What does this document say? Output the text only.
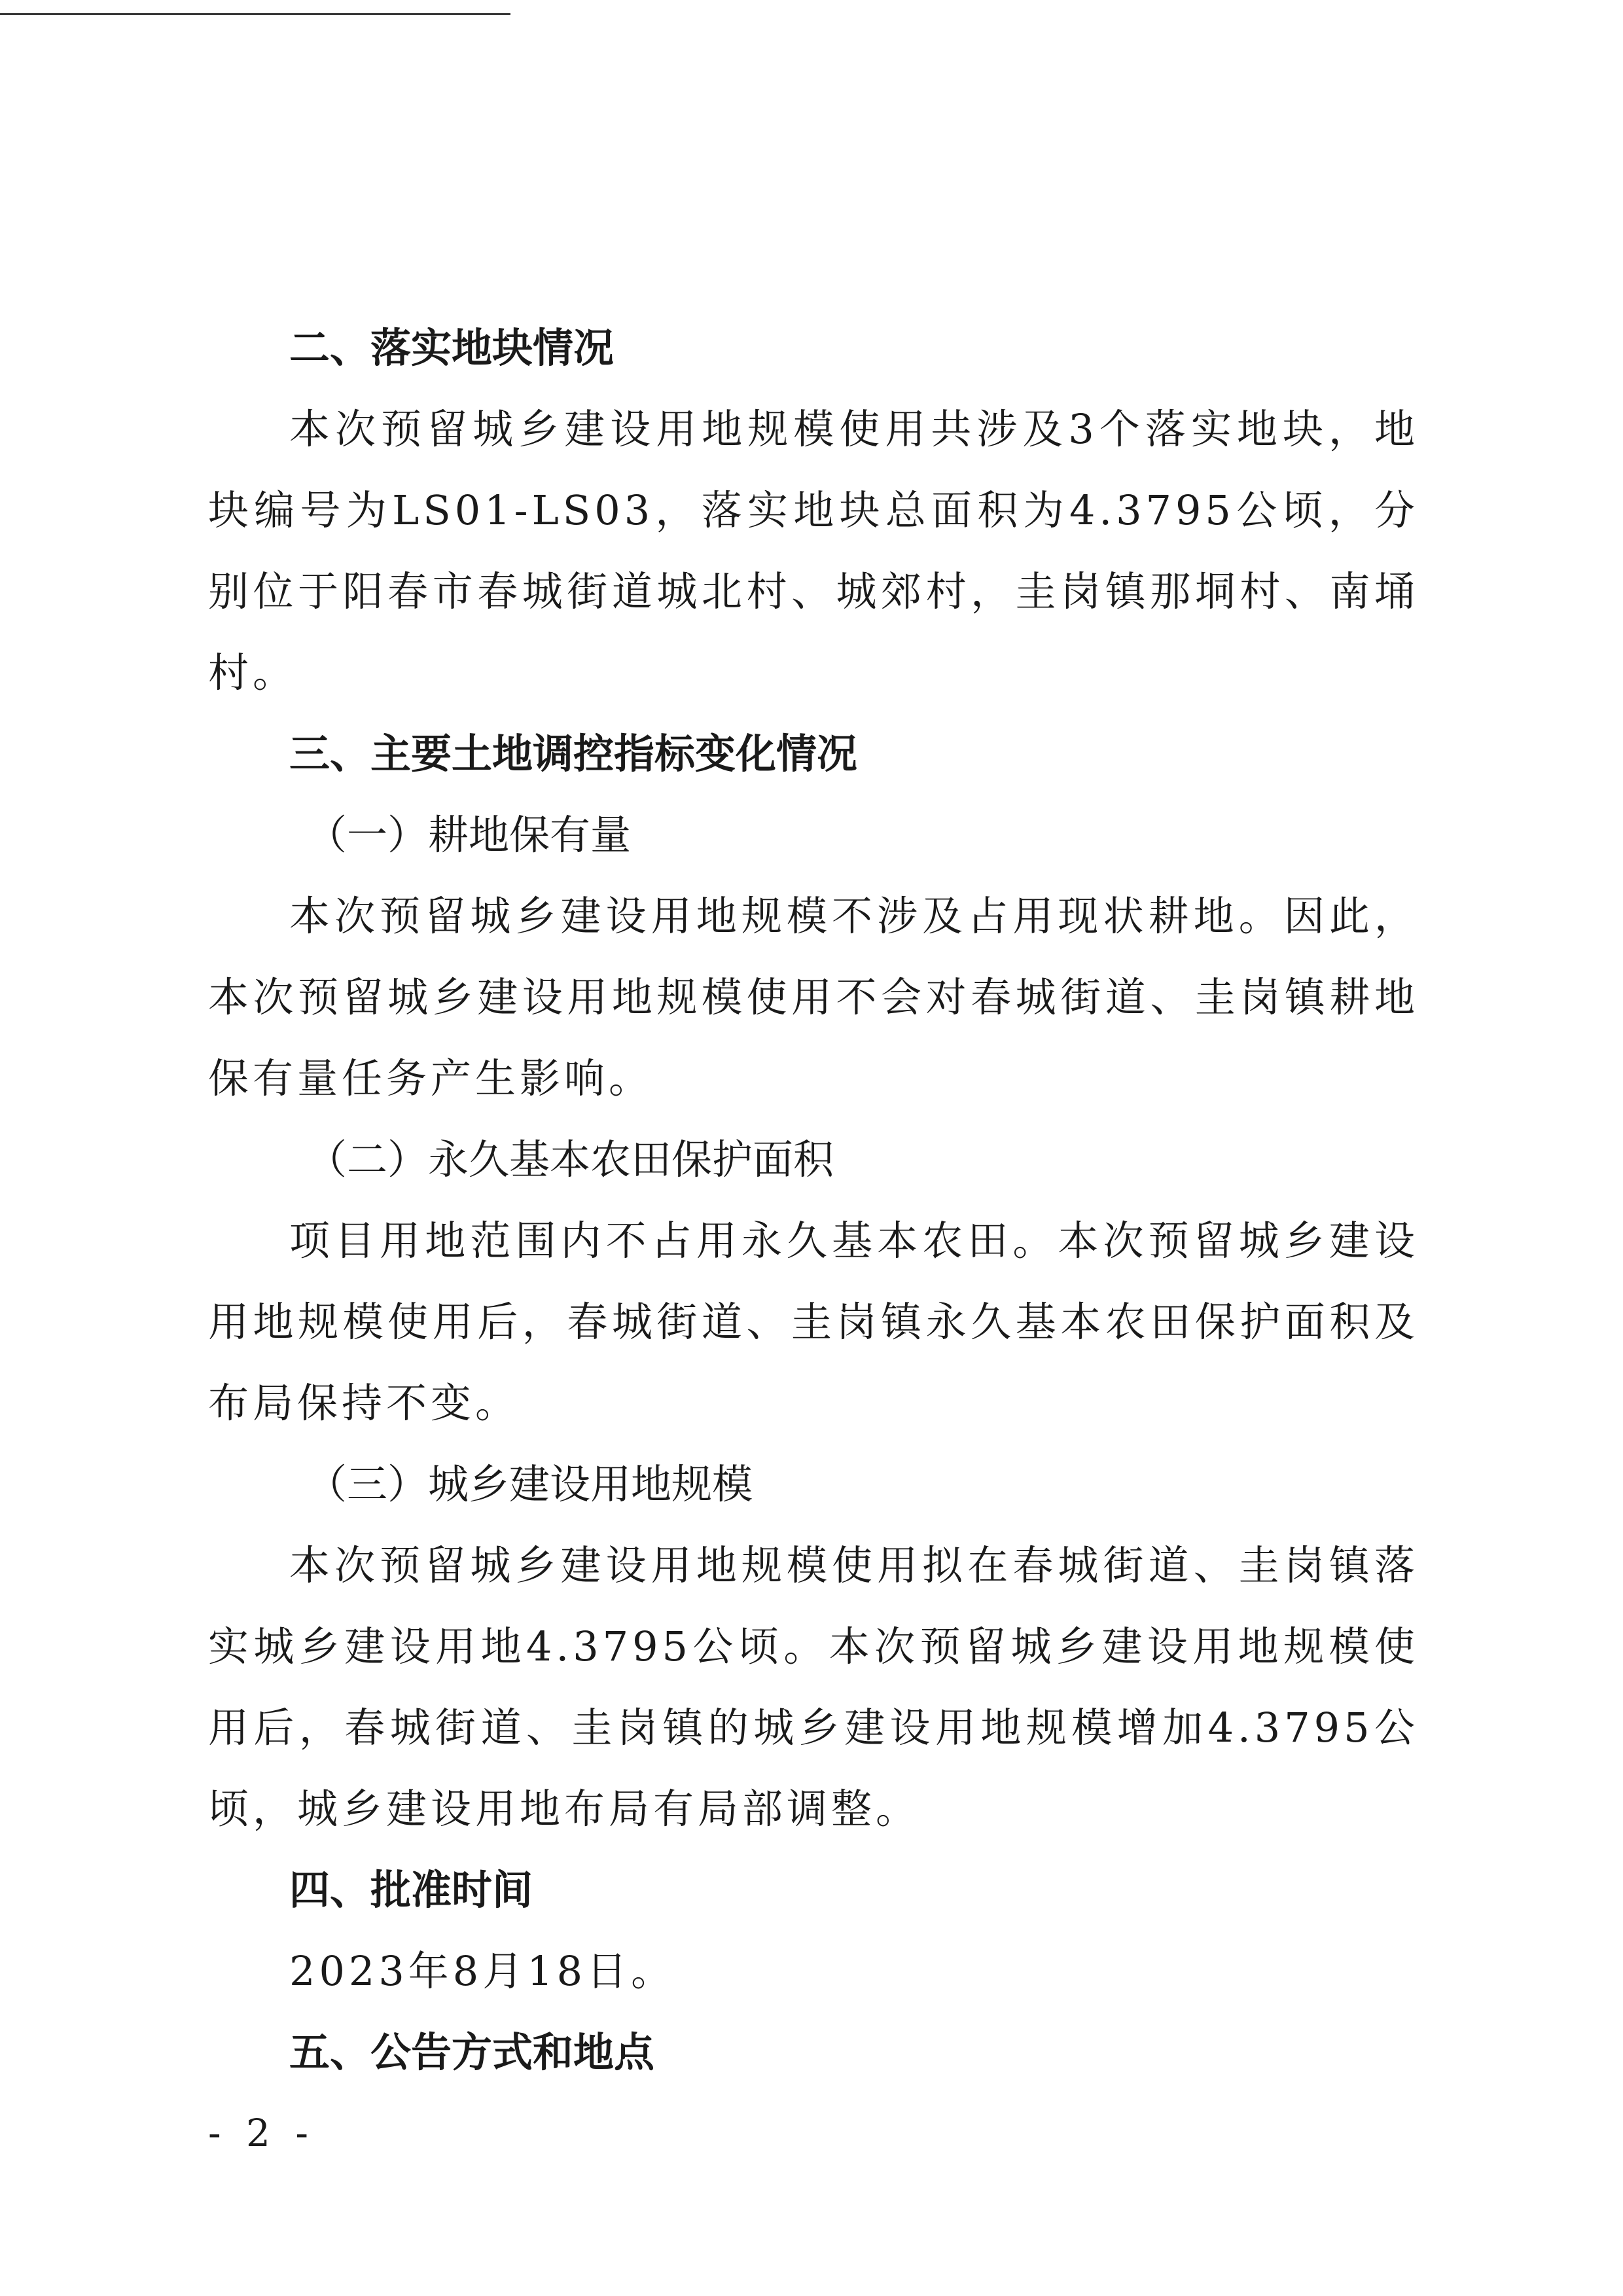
二、落实地块情况

本次预留城乡建设用地规模使用共涉及3个落实地块，地块编号为LS01-LS03，落实地块总面积为4.3795公顷，分别位于阳春市春城街道城北村、城郊村，圭岗镇那垌村、南埇村。

三、主要土地调控指标变化情况

（一）耕地保有量

本次预留城乡建设用地规模不涉及占用现状耕地。因此，本次预留城乡建设用地规模使用不会对春城街道、圭岗镇耕地保有量任务产生影响。

（二）永久基本农田保护面积

项目用地范围内不占用永久基本农田。本次预留城乡建设用地规模使用后，春城街道、圭岗镇永久基本农田保护面积及布局保持不变。

（三）城乡建设用地规模

本次预留城乡建设用地规模使用拟在春城街道、圭岗镇落实城乡建设用地4.3795公顷。本次预留城乡建设用地规模使用后，春城街道、圭岗镇的城乡建设用地规模增加4.3795公顷，城乡建设用地布局有局部调整。

四、批准时间

2023年8月18日。

五、公告方式和地点

- 2 -
